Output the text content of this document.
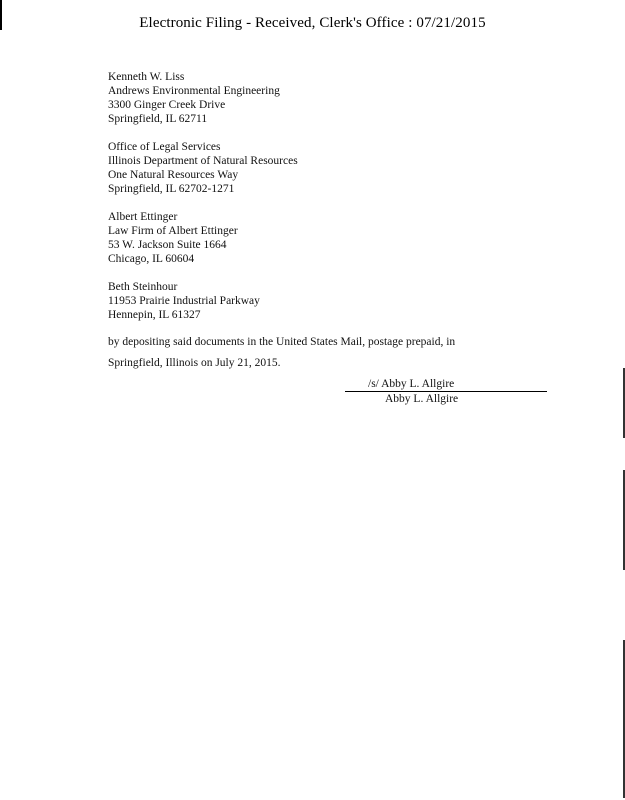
Electronic Filing - Received, Clerk's Office : 07/21/2015
Kenneth W. Liss
Andrews Environmental Engineering
3300 Ginger Creek Drive
Springfield, IL 62711
Office of Legal Services
Illinois Department of Natural Resources
One Natural Resources Way
Springfield, IL 62702-1271
Albert Ettinger
Law Firm of Albert Ettinger
53 W. Jackson Suite 1664
Chicago, IL 60604
Beth Steinhour
11953 Prairie Industrial Parkway
Hennepin, IL 61327
by depositing said documents in the United States Mail, postage prepaid, in
Springfield, Illinois on July 21, 2015.
/s/ Abby L. Allgire
Abby L. Allgire
